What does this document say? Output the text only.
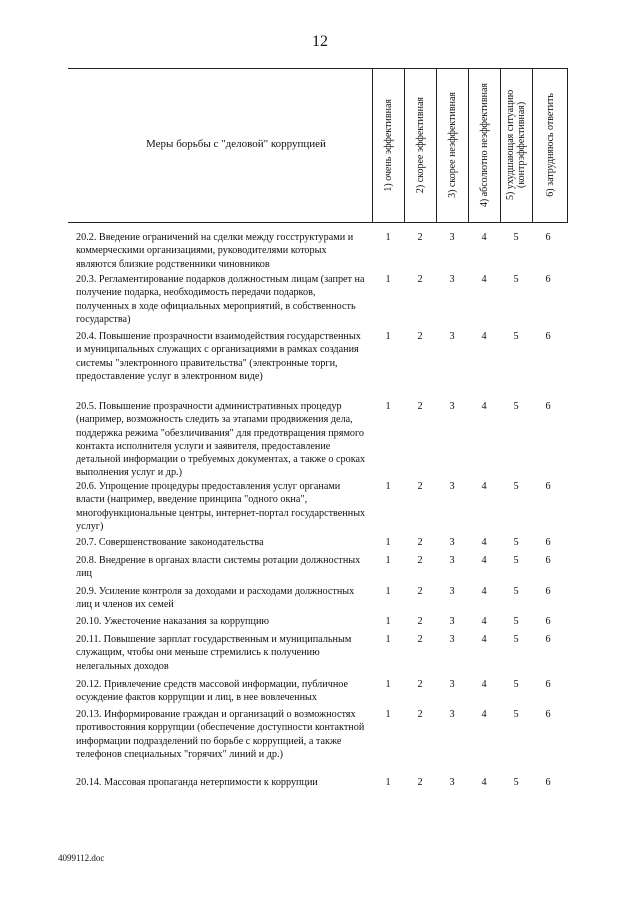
12
Меры борьбы с "деловой" коррупцией	1) очень эффективная 2) скорее эффективная 3) скорее неэффективная 4) абсолютно неэффективная 5) ухудшающая ситуацию (контрэффективная) 6) затрудняюсь ответить
20.2. Введение ограничений на сделки между госструктурами и коммерческими организациями, руководителями которых являются близкие родственники чиновников
1	2	3	4	5	6
20.3. Регламентирование подарков должностным лицам (запрет на получение подарка, необходимость передачи подарков, полученных в ходе официальных мероприятий, в собственность государства)
1	2	3	4	5	6
20.4. Повышение прозрачности взаимодействия государственных и муниципальных служащих с организациями в рамках создания системы "электронного правительства" (электронные торги, предоставление услуг в электронном виде)
1	2	3	4	5	6
20.5. Повышение прозрачности административных процедур (например, возможность следить за этапами продвижения дела, поддержка режима "обезличивания" для предотвращения прямого контакта исполнителя услуги и заявителя, предоставление детальной информации о требуемых документах, а также о сроках выполнения услуг и др.)
1	2	3	4	5	6
20.6. Упрощение процедуры предоставления услуг органами власти (например, введение принципа "одного окна", многофункциональные центры, интернет-портал государственных услуг)
1	2	3	4	5	6
20.7. Совершенствование законодательства	1	2	3	4	5	6
20.8. Внедрение в органах власти системы ротации должностных лиц
1	2	3	4	5	6
20.9. Усиление контроля за доходами и расходами должностных лиц и членов их семей
1	2	3	4	5	6
20.10. Ужесточение наказания за коррупцию	1	2	3	4	5	6
20.11. Повышение зарплат государственным и муниципальным служащим, чтобы они меньше стремились к получению нелегальных доходов
1	2	3	4	5	6
20.12. Привлечение средств массовой информации, публичное осуждение фактов коррупции и лиц, в нее вовлеченных
1	2	3	4	5	6
20.13. Информирование граждан и организаций о возможностях противостояния коррупции (обеспечение доступности контактной информации подразделений по борьбе с коррупцией, а также телефонов специальных "горячих" линий и др.)
1	2	3	4	5	6
20.14. Массовая пропаганда нетерпимости к коррупции	1	2	3	4	5	6
4099112.doc
